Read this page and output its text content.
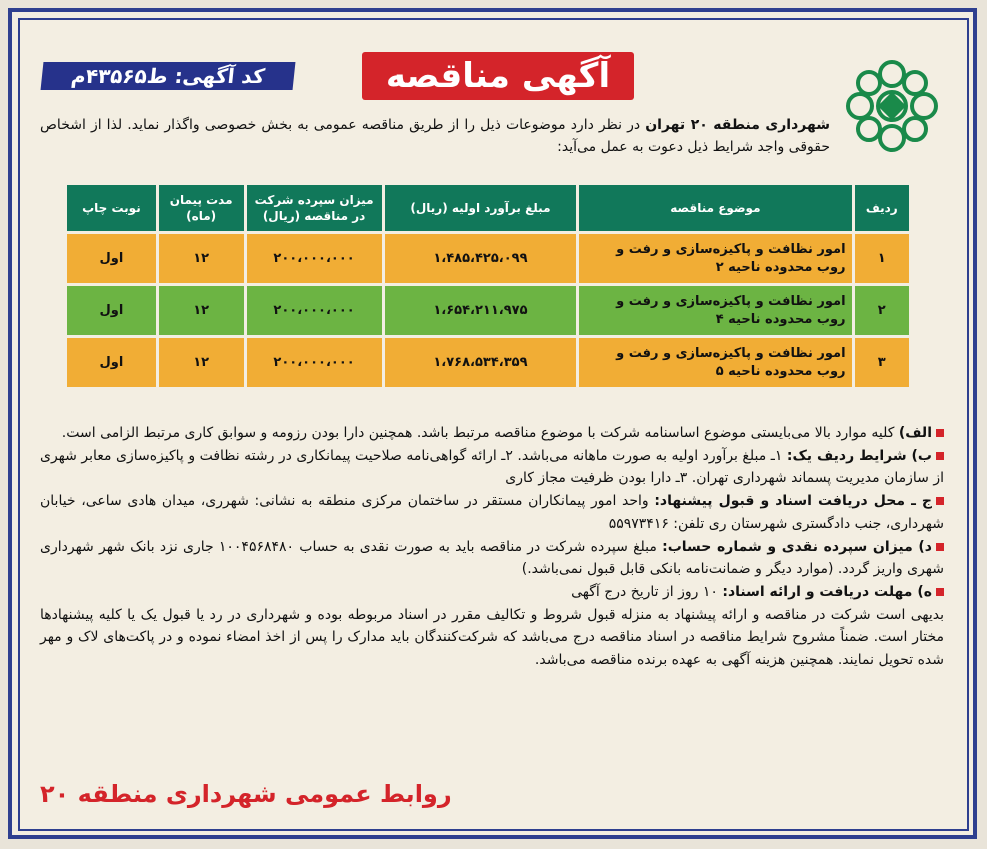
کد آگهی: ط۴۳۵۶۵م	آگهی مناقصه
شهرداری منطقه ۲۰ تهران در نظر دارد موضوعات ذیل را از طریق مناقصه عمومی به بخش خصوصی واگذار نماید. لذا از اشخاص حقوقی واجد شرایط ذیل دعوت به عمل می‌آید:
ردیف	موضوع مناقصه	مبلغ برآورد اولیه (ریال)	میزان سپرده شرکت در مناقصه (ریال)	مدت پیمان (ماه)	نوبت چاپ
۱	امور نظافت و پاکیزه‌سازی و رفت و روب محدوده ناحیه ۲	۱،۴۸۵،۴۲۵،۰۹۹	۲۰۰،۰۰۰،۰۰۰	۱۲	اول
۲	امور نظافت و پاکیزه‌سازی و رفت و روب محدوده ناحیه ۴	۱،۶۵۴،۲۱۱،۹۷۵	۲۰۰،۰۰۰،۰۰۰	۱۲	اول
۳	امور نظافت و پاکیزه‌سازی و رفت و روب محدوده ناحیه ۵	۱،۷۶۸،۵۳۴،۳۵۹	۲۰۰،۰۰۰،۰۰۰	۱۲	اول

الف) کلیه موارد بالا می‌بایستی موضوع اساسنامه شرکت با موضوع مناقصه مرتبط باشد. همچنین دارا بودن رزومه و سوابق کاری مرتبط الزامی است.

ب) شرایط ردیف یک: ۱ـ مبلغ برآورد اولیه به صورت ماهانه می‌باشد. ۲ـ ارائه گواهی‌نامه صلاحیت پیمانکاری در رشته نظافت و پاکیزه‌سازی معابر شهری از سازمان مدیریت پسماند شهرداری تهران. ۳ـ دارا بودن ظرفیت مجاز کاری

ج ـ محل دریافت اسناد و قبول پیشنهاد: واحد امور پیمانکاران مستقر در ساختمان مرکزی منطقه به نشانی: شهرری، میدان هادی ساعی، خیابان شهرداری، جنب دادگستری شهرستان ری تلفن: ۵۵۹۷۳۴۱۶

د) میزان سپرده نقدی و شماره حساب: مبلغ سپرده شرکت در مناقصه باید به صورت نقدی به حساب ۱۰۰۴۵۶۸۴۸۰ جاری نزد بانک شهر شهرداری شهری واریز گردد. (موارد دیگر و ضمانت‌نامه بانکی قابل قبول نمی‌باشد.)

ه) مهلت دریافت و ارائه اسناد: ۱۰ روز از تاریخ درج آگهی

بدیهی است شرکت در مناقصه و ارائه پیشنهاد به منزله قبول شروط و تکالیف مقرر در اسناد مربوطه بوده و شهرداری در رد یا قبول یک یا کلیه پیشنهادها مختار است. ضمناً مشروح شرایط مناقصه در اسناد مناقصه درج می‌باشد که شرکت‌کنندگان باید مدارک را پس از اخذ امضاء نموده و در پاکت‌های لاک و مهر شده تحویل نمایند. همچنین هزینه آگهی به عهده برنده مناقصه می‌باشد.

روابط عمومی شهرداری منطقه ۲۰
